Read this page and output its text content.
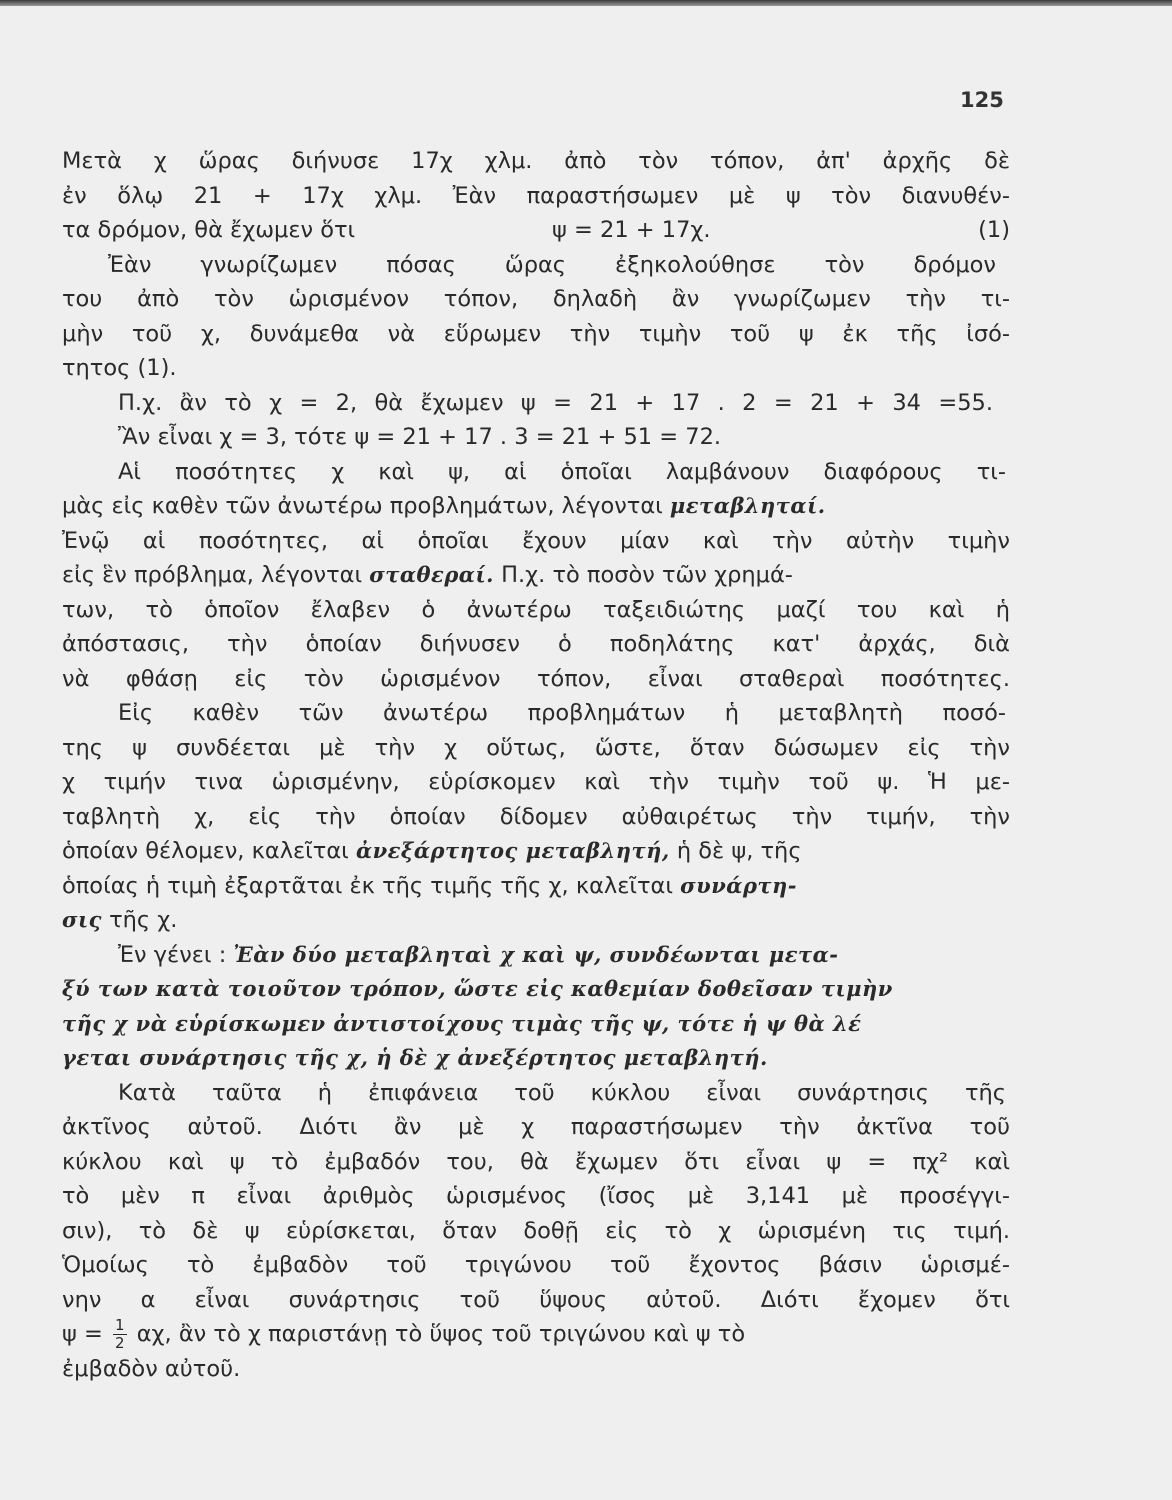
125
Μετὰ χ ὥρας διήνυσε 17χ χλμ. ἀπὸ τὸν τόπον, ἀπ' ἀρχῆς δὲ
ἐν ὅλῳ 21 + 17χ χλμ. Ἐὰν παραστήσωμεν μὲ ψ τὸν διανυθέν-
τα δρόμον, θὰ ἔχωμεν ὅτι	ψ = 21 + 17χ.	(1)
Ἐὰν γνωρίζωμεν πόσας ὥρας ἐξηκολούθησε τὸν δρόμον
του ἀπὸ τὸν ὡρισμένον τόπον, δηλαδὴ ἂν γνωρίζωμεν τὴν τι-
μὴν τοῦ χ, δυνάμεθα νὰ εὕρωμεν τὴν τιμὴν τοῦ ψ ἐκ τῆς ἰσό-
τητος (1).
Π.χ. ἂν τὸ χ = 2, θὰ ἔχωμεν ψ = 21 + 17 . 2 = 21 + 34 =55.
Ἂν εἶναι χ = 3, τότε ψ = 21 + 17 . 3 = 21 + 51 = 72.
Αἱ ποσότητες χ καὶ ψ, αἱ ὁποῖαι λαμβάνουν διαφόρους τι-
μὰς εἰς καθὲν τῶν ἀνωτέρω προβλημάτων, λέγονται μεταβληταί.
Ἐνῷ αἱ ποσότητες, αἱ ὁποῖαι ἔχουν μίαν καὶ τὴν αὐτὴν τιμὴν
εἰς ἓν πρόβλημα, λέγονται σταθεραί. Π.χ. τὸ ποσὸν τῶν χρημά-
των, τὸ ὁποῖον ἔλαβεν ὁ ἀνωτέρω ταξειδιώτης μαζί του καὶ ἡ
ἀπόστασις, τὴν ὁποίαν διήνυσεν ὁ ποδηλάτης κατ' ἀρχάς, διὰ
νὰ φθάσῃ εἰς τὸν ὡρισμένον τόπον, εἶναι σταθεραὶ ποσότητες.
Εἰς καθὲν τῶν ἀνωτέρω προβλημάτων ἡ μεταβλητὴ ποσό-
της ψ συνδέεται μὲ τὴν χ οὕτως, ὥστε, ὅταν δώσωμεν εἰς τὴν
χ τιμήν τινα ὡρισμένην, εὑρίσκομεν καὶ τὴν τιμὴν τοῦ ψ. Ἡ με-
ταβλητὴ χ, εἰς τὴν ὁποίαν δίδομεν αὐθαιρέτως τὴν τιμήν, τὴν
ὁποίαν θέλομεν, καλεῖται ἀνεξάρτητος μεταβλητή, ἡ δὲ ψ, τῆς
ὁποίας ἡ τιμὴ ἐξαρτᾶται ἐκ τῆς τιμῆς τῆς χ, καλεῖται συνάρτη-
σις τῆς χ.
Ἐν γένει : Ἐὰν δύο μεταβληταὶ χ καὶ ψ, συνδέωνται μετα-
ξύ των κατὰ τοιοῦτον τρόπον, ὥστε εἰς καθεμίαν δοθεῖσαν τιμὴν
τῆς χ νὰ εὑρίσκωμεν ἀντιστοίχους τιμὰς τῆς ψ, τότε ἡ ψ θὰ λέ
γεται συνάρτησις τῆς χ, ἡ δὲ χ ἀνεξέρτητος μεταβλητή.
Κατὰ ταῦτα ἡ ἐπιφάνεια τοῦ κύκλου εἶναι συνάρτησις τῆς
ἀκτῖνος αὐτοῦ. Διότι ἂν μὲ χ παραστήσωμεν τὴν ἀκτῖνα τοῦ
κύκλου καὶ ψ τὸ ἐμβαδόν του, θὰ ἔχωμεν ὅτι εἶναι ψ = πχ² καὶ
τὸ μὲν π εἶναι ἀριθμὸς ὡρισμένος (ἴσος μὲ 3,141 μὲ προσέγγι-
σιν), τὸ δὲ ψ εὑρίσκεται, ὅταν δοθῇ εἰς τὸ χ ὡρισμένη τις τιμή.
Ὁμοίως τὸ ἐμβαδὸν τοῦ τριγώνου τοῦ ἔχοντος βάσιν ὡρισμέ-
νην α εἶναι συνάρτησις τοῦ ὕψους αὐτοῦ. Διότι ἔχομεν ὅτι
$\psi = \frac{1}{2} \alpha\chi$, ἂν τὸ χ παριστάνῃ τὸ ὕψος τοῦ τριγώνου καὶ ψ τὸ
ἐμβαδὸν αὐτοῦ.
